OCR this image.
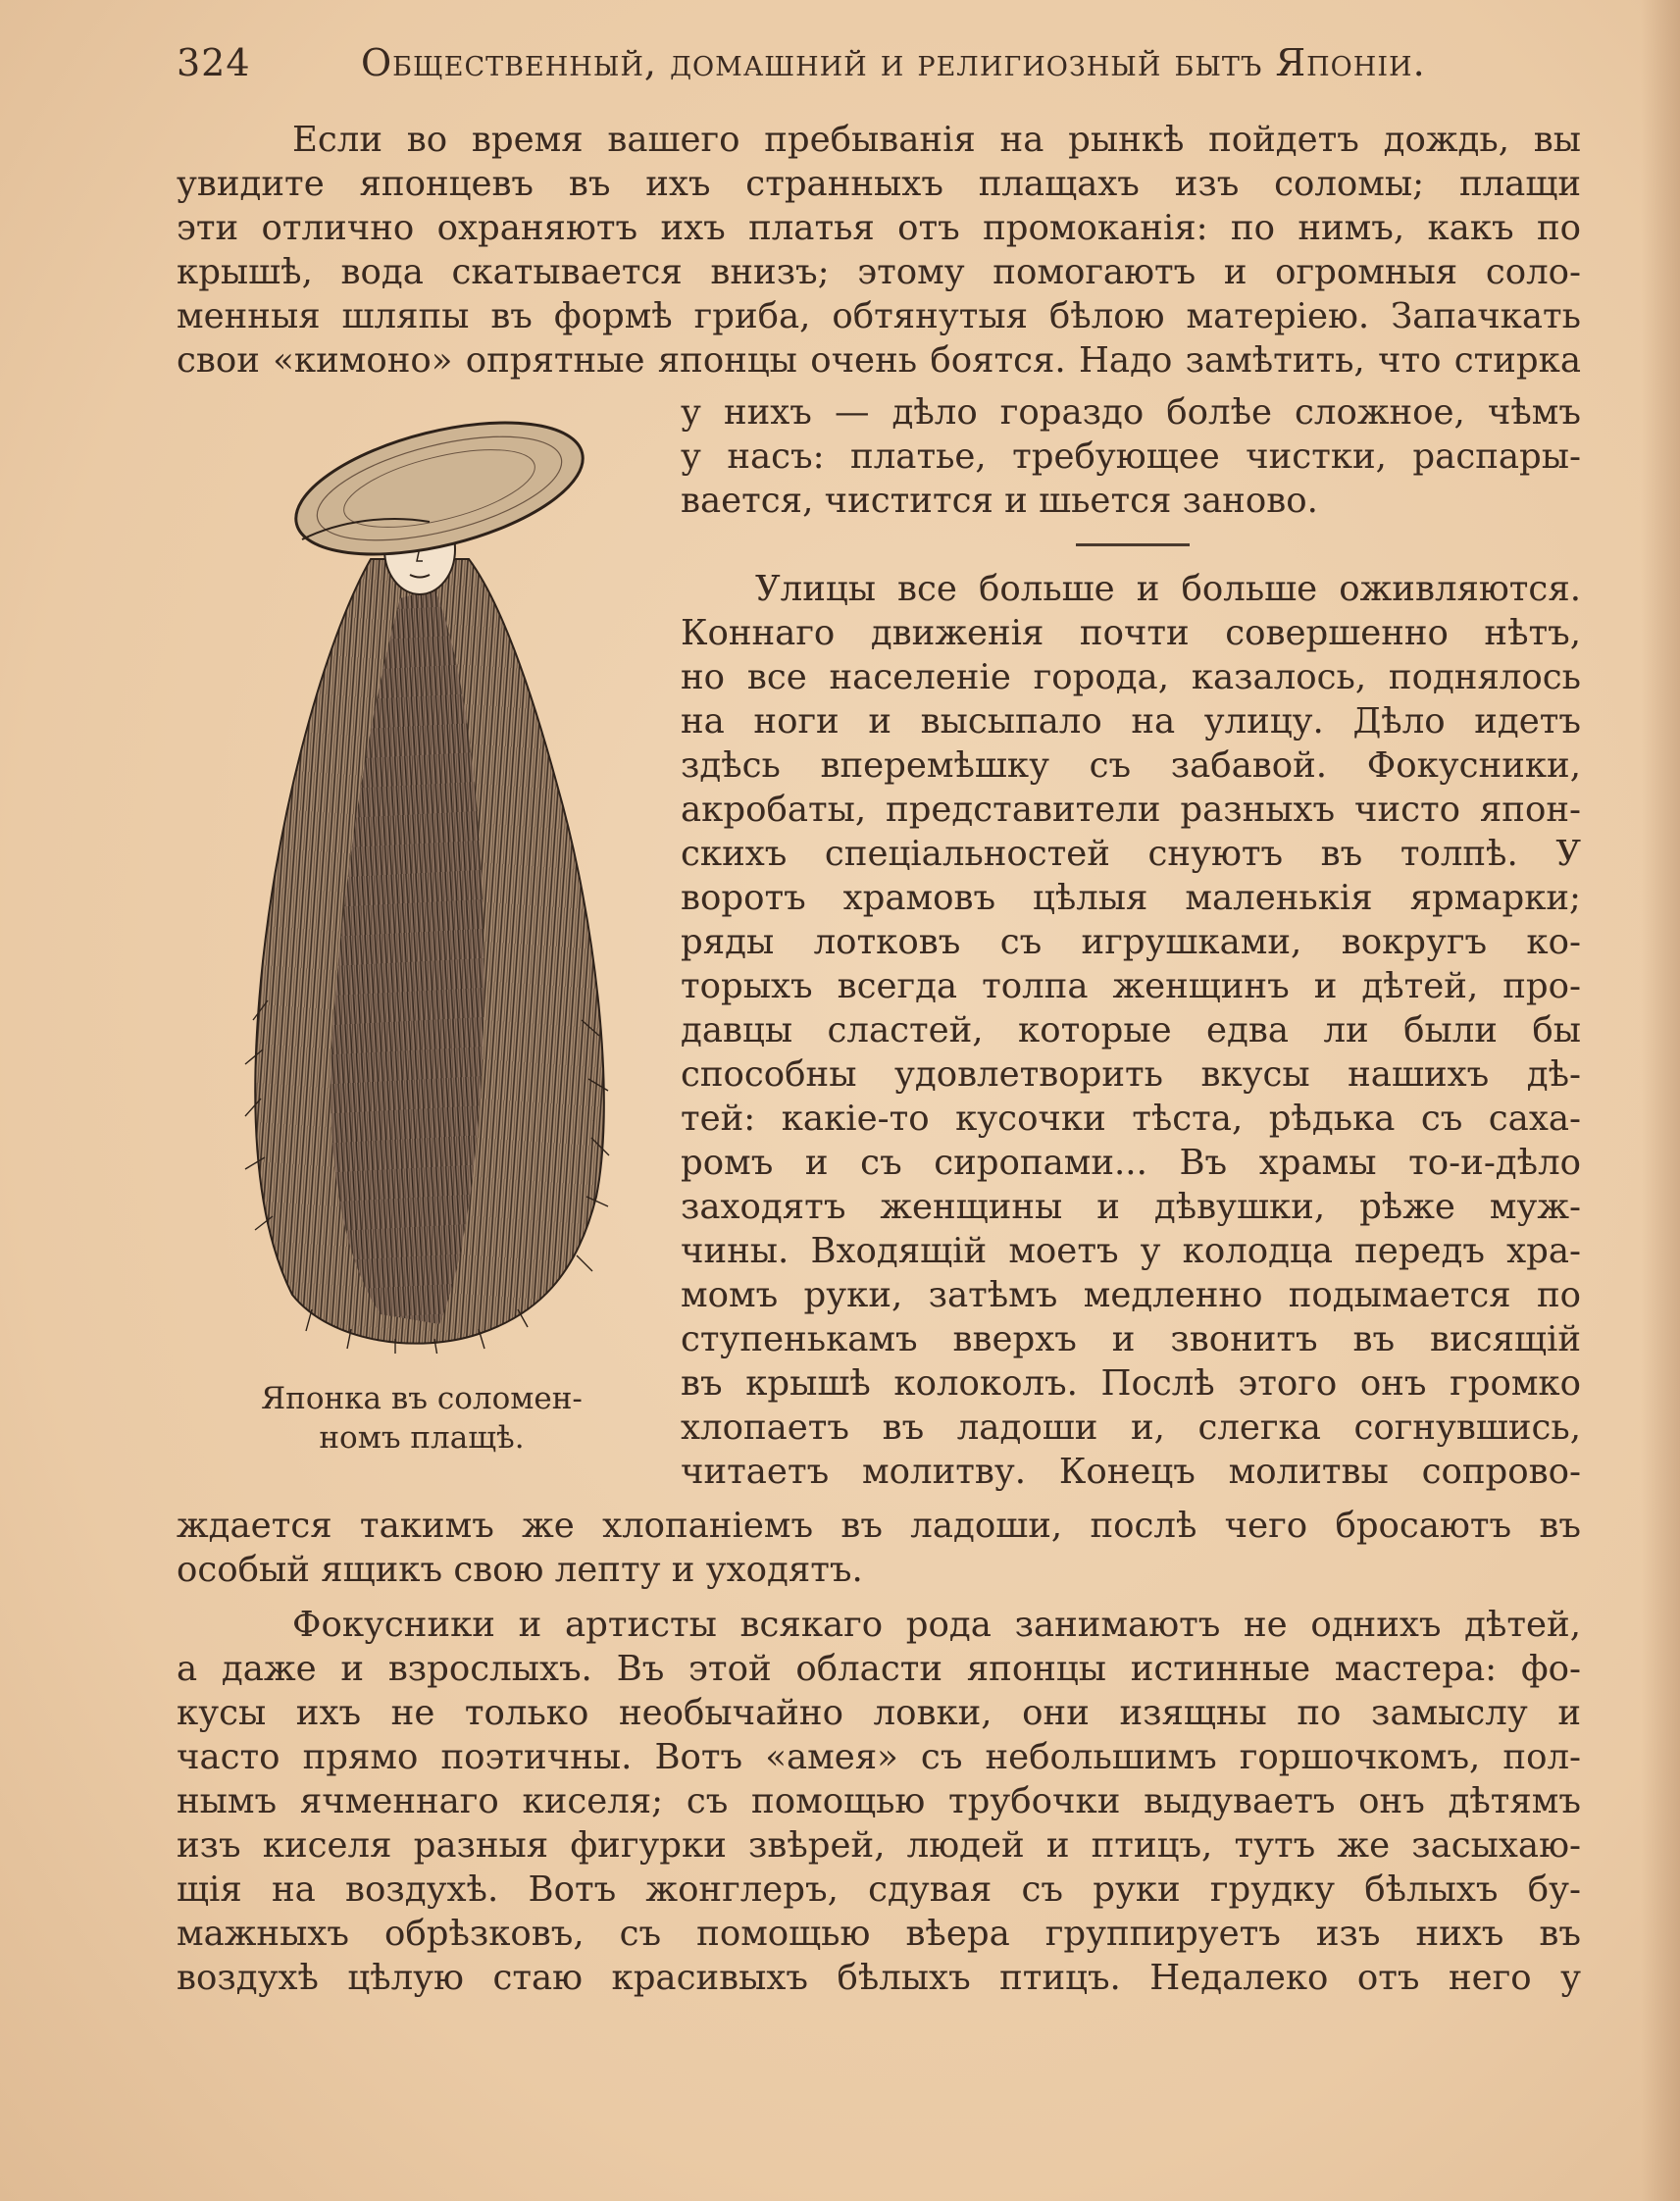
324	Общественный, домашний и религиозный бытъ Японіи.
Если во время вашего пребыванія на рынкѣ пойдетъ дождь, вы
увидите японцевъ въ ихъ странныхъ плащахъ изъ соломы; плащи
эти отлично охраняютъ ихъ платья отъ промоканія: по нимъ, какъ по
крышѣ, вода скатывается внизъ; этому помогаютъ и огромныя соло-
менныя шляпы въ формѣ гриба, обтянутыя бѣлою матеріею. Запачкать
свои «кимоно» опрятные японцы очень боятся. Надо замѣтить, что стирка
у нихъ — дѣло гораздо болѣе сложное, чѣмъ
у насъ: платье, требующее чистки, распары-
вается, чистится и шьется заново.
Улицы все больше и больше оживляются.
Коннаго движенія почти совершенно нѣтъ,
но все населеніе города, казалось, поднялось
на ноги и высыпало на улицу. Дѣло идетъ
здѣсь вперемѣшку съ забавой. Фокусники,
акробаты, представители разныхъ чисто япон-
скихъ спеціальностей снуютъ въ толпѣ. У
воротъ храмовъ цѣлыя маленькія ярмарки;
ряды лотковъ съ игрушками, вокругъ ко-
торыхъ всегда толпа женщинъ и дѣтей, про-
давцы сластей, которые едва ли были бы
способны удовлетворить вкусы нашихъ дѣ-
тей: какіе-то кусочки тѣста, рѣдька съ саха-
ромъ и съ сиропами... Въ храмы то-и-дѣло
заходятъ женщины и дѣвушки, рѣже муж-
чины. Входящій моетъ у колодца передъ хра-
момъ руки, затѣмъ медленно подымается по
ступенькамъ вверхъ и звонитъ въ висящій
въ крышѣ колоколъ. Послѣ этого онъ громко
хлопаетъ въ ладоши и, слегка согнувшись,
читаетъ молитву. Конецъ молитвы сопрово-
ждается такимъ же хлопаніемъ въ ладоши, послѣ чего бросаютъ въ
особый ящикъ свою лепту и уходятъ.
Фокусники и артисты всякаго рода занимаютъ не однихъ дѣтей,
а даже и взрослыхъ. Въ этой области японцы истинные мастера: фо-
кусы ихъ не только необычайно ловки, они изящны по замыслу и
часто прямо поэтичны. Вотъ «амея» съ небольшимъ горшочкомъ, пол-
нымъ ячменнаго киселя; съ помощью трубочки выдуваетъ онъ дѣтямъ
изъ киселя разныя фигурки звѣрей, людей и птицъ, тутъ же засыхаю-
щія на воздухѣ. Вотъ жонглеръ, сдувая съ руки грудку бѣлыхъ бу-
мажныхъ обрѣзковъ, съ помощью вѣера группируетъ изъ нихъ въ
воздухѣ цѣлую стаю красивыхъ бѣлыхъ птицъ. Недалеко отъ него у
Японка въ соломен-
номъ плащѣ.
